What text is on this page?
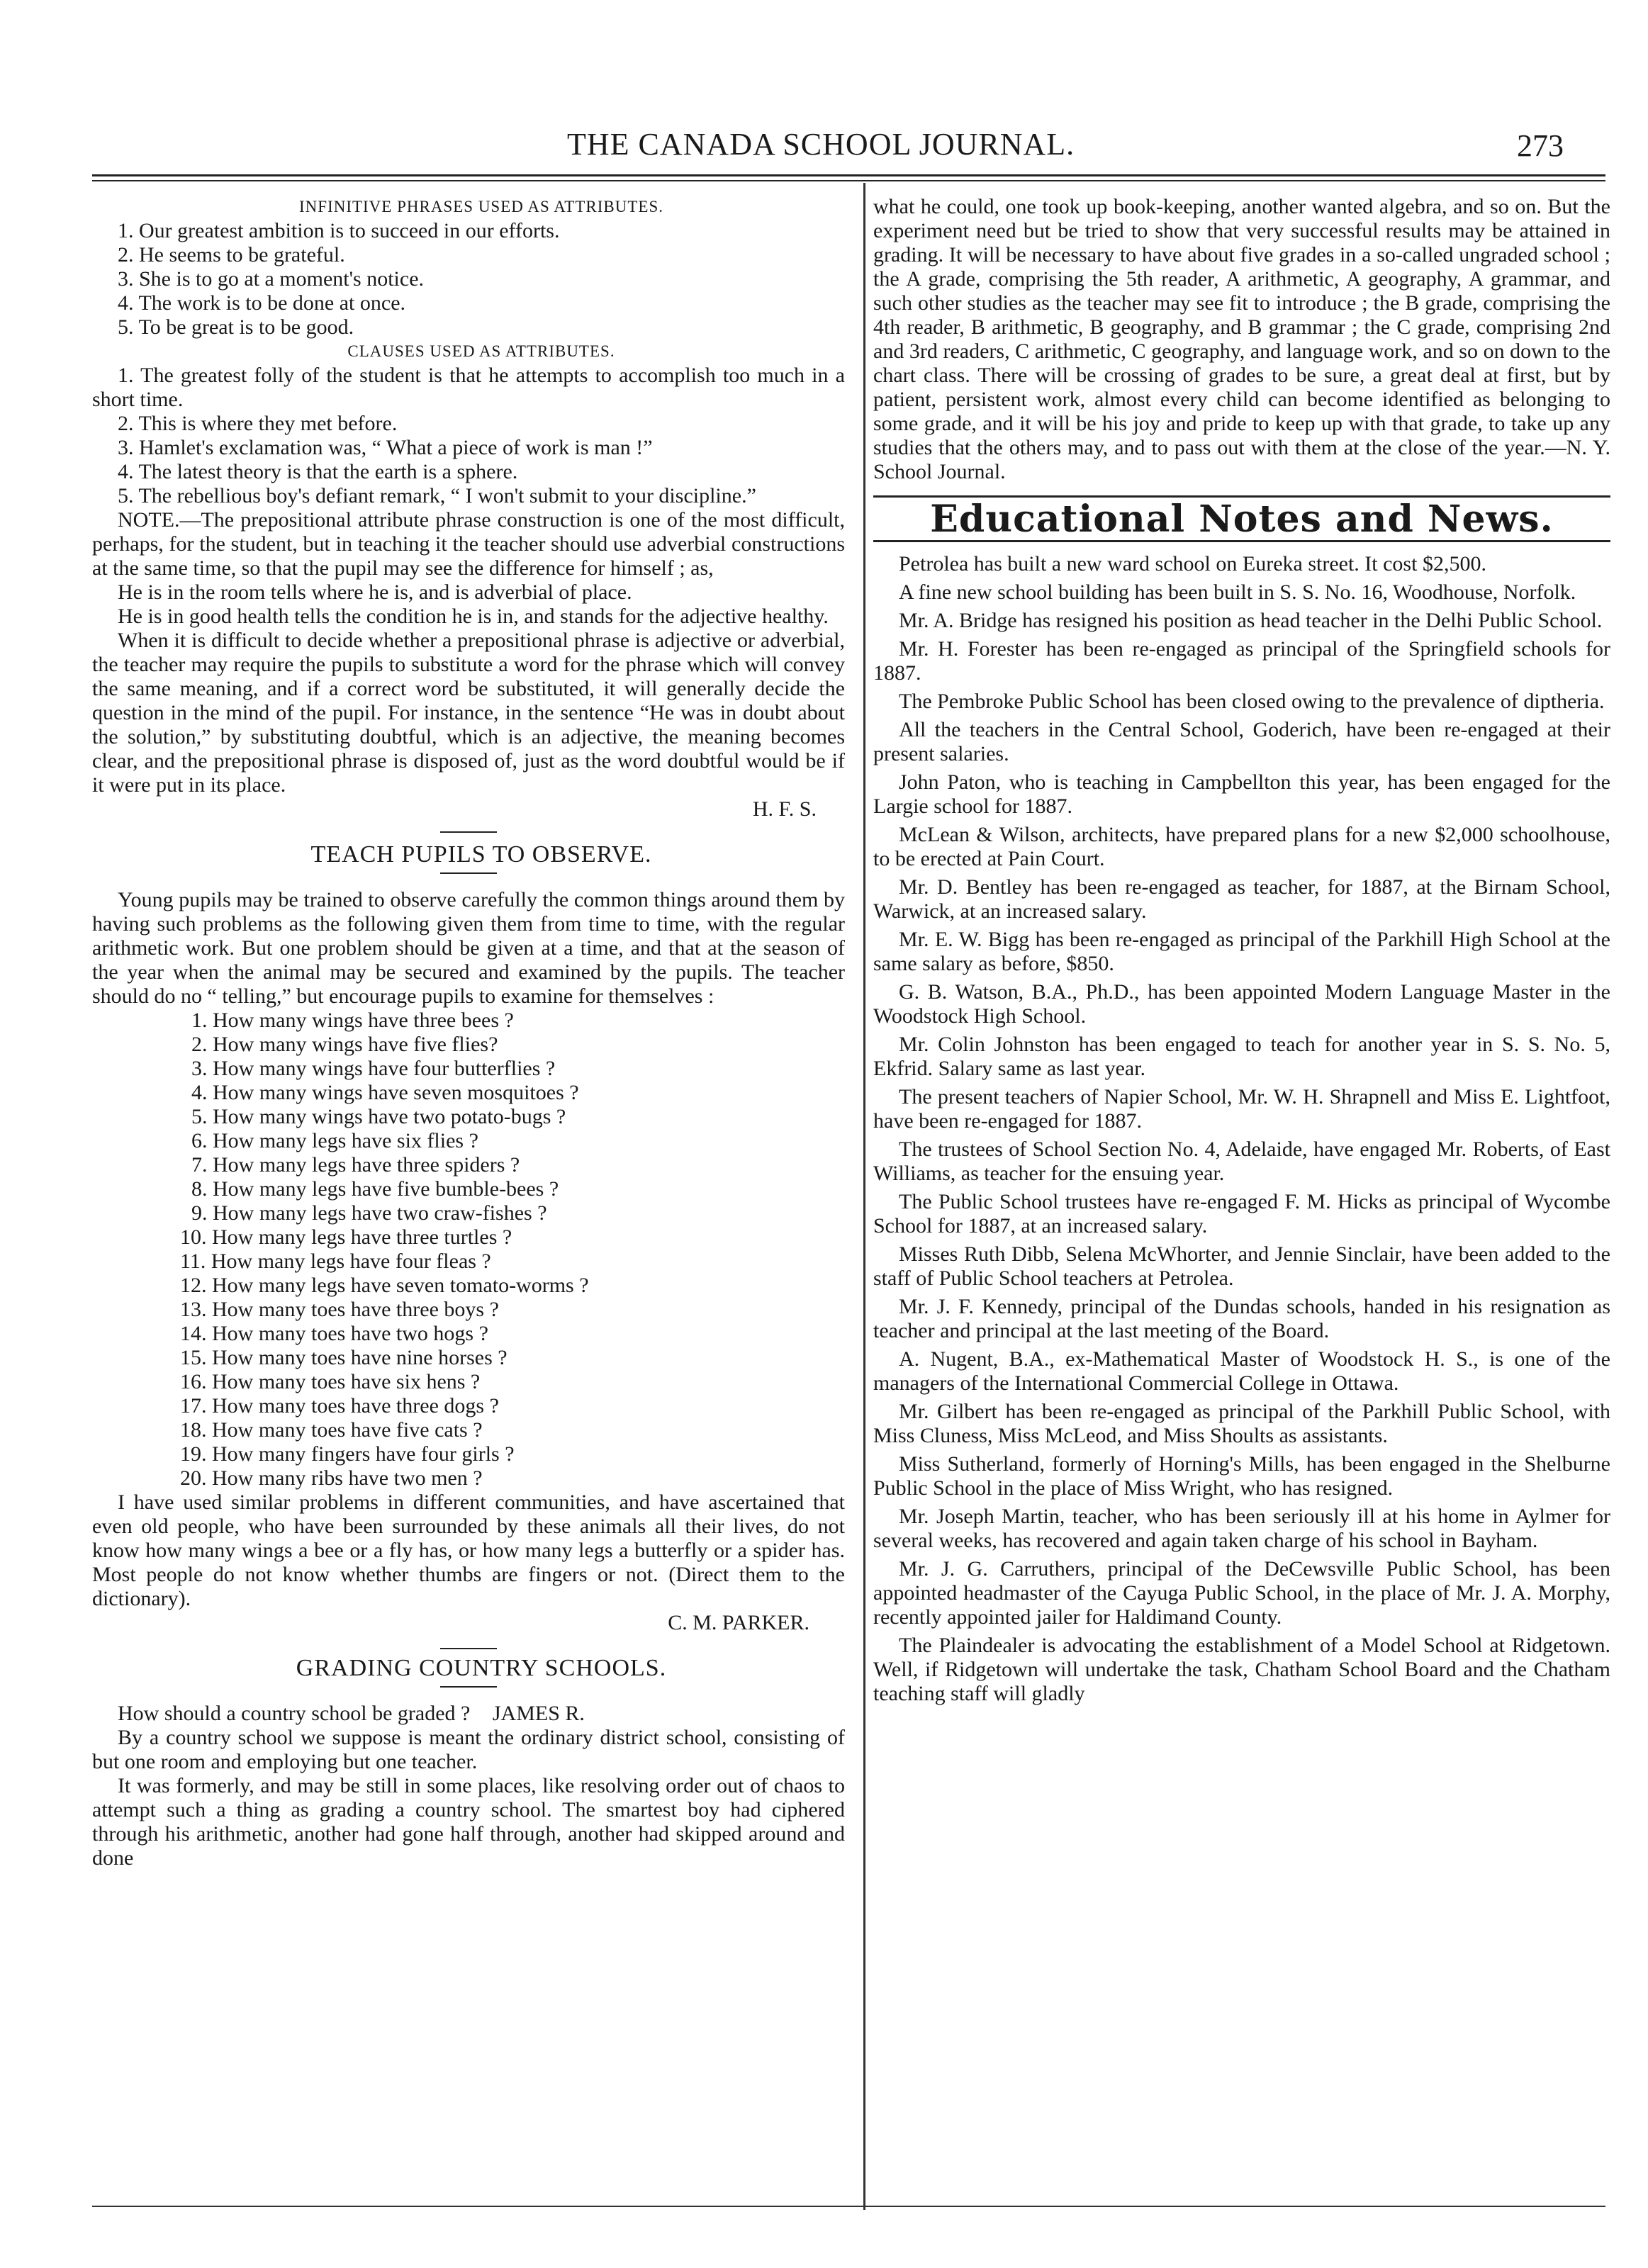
THE CANADA SCHOOL JOURNAL.	273

INFINITIVE PHRASES USED AS ATTRIBUTES.

1. Our greatest ambition is to succeed in our efforts.

2. He seems to be grateful.

3. She is to go at a moment's notice.

4. The work is to be done at once.

5. To be great is to be good.

CLAUSES USED AS ATTRIBUTES.

1. The greatest folly of the student is that he attempts to accomplish too much in a short time.

2. This is where they met before.

3. Hamlet's exclamation was, “ What a piece of work is man !”

4. The latest theory is that the earth is a sphere.

5. The rebellious boy's defiant remark, “ I won't submit to your discipline.”

NOTE.—The prepositional attribute phrase construction is one of the most difficult, perhaps, for the student, but in teaching it the teacher should use adverbial constructions at the same time, so that the pupil may see the difference for himself ; as,

He is in the room tells where he is, and is adverbial of place.

He is in good health tells the condition he is in, and stands for the adjective healthy.

When it is difficult to decide whether a prepositional phrase is adjective or adverbial, the teacher may require the pupils to substitute a word for the phrase which will convey the same meaning, and if a correct word be substituted, it will generally decide the question in the mind of the pupil. For instance, in the sentence “He was in doubt about the solution,” by substituting doubtful, which is an adjective, the meaning becomes clear, and the prepositional phrase is disposed of, just as the word doubtful would be if it were put in its place.

H. F. S.

TEACH PUPILS TO OBSERVE.

Young pupils may be trained to observe carefully the common things around them by having such problems as the following given them from time to time, with the regular arithmetic work. But one problem should be given at a time, and that at the season of the year when the animal may be secured and examined by the pupils. The teacher should do no “ telling,” but encourage pupils to examine for themselves :

1. How many wings have three bees ?

2. How many wings have five flies?

3. How many wings have four butterflies ?

4. How many wings have seven mosquitoes ?

5. How many wings have two potato-bugs ?

6. How many legs have six flies ?

7. How many legs have three spiders ?

8. How many legs have five bumble-bees ?

9. How many legs have two craw-fishes ?

10. How many legs have three turtles ?

11. How many legs have four fleas ?

12. How many legs have seven tomato-worms ?

13. How many toes have three boys ?

14. How many toes have two hogs ?

15. How many toes have nine horses ?

16. How many toes have six hens ?

17. How many toes have three dogs ?

18. How many toes have five cats ?

19. How many fingers have four girls ?

20. How many ribs have two men ?

I have used similar problems in different communities, and have ascertained that even old people, who have been surrounded by these animals all their lives, do not know how many wings a bee or a fly has, or how many legs a butterfly or a spider has. Most people do not know whether thumbs are fingers or not. (Direct them to the dictionary).

C. M. PARKER.

GRADING COUNTRY SCHOOLS.

How should a country school be graded ? JAMES R.

By a country school we suppose is meant the ordinary district school, consisting of but one room and employing but one teacher.

It was formerly, and may be still in some places, like resolving order out of chaos to attempt such a thing as grading a country school. The smartest boy had ciphered through his arithmetic, another had gone half through, another had skipped around and done

what he could, one took up book-keeping, another wanted algebra, and so on. But the experiment need but be tried to show that very successful results may be attained in grading. It will be necessary to have about five grades in a so-called ungraded school ; the A grade, comprising the 5th reader, A arithmetic, A geography, A grammar, and such other studies as the teacher may see fit to introduce ; the B grade, comprising the 4th reader, B arithmetic, B geography, and B grammar ; the C grade, comprising 2nd and 3rd readers, C arithmetic, C geography, and language work, and so on down to the chart class. There will be crossing of grades to be sure, a great deal at first, but by patient, persistent work, almost every child can become identified as belonging to some grade, and it will be his joy and pride to keep up with that grade, to take up any studies that the others may, and to pass out with them at the close of the year.—N. Y. School Journal.

Educational Notes and News.

Petrolea has built a new ward school on Eureka street. It cost $2,500.

A fine new school building has been built in S. S. No. 16, Woodhouse, Norfolk.

Mr. A. Bridge has resigned his position as head teacher in the Delhi Public School.

Mr. H. Forester has been re-engaged as principal of the Springfield schools for 1887.

The Pembroke Public School has been closed owing to the prevalence of diptheria.

All the teachers in the Central School, Goderich, have been re-engaged at their present salaries.

John Paton, who is teaching in Campbellton this year, has been engaged for the Largie school for 1887.

McLean & Wilson, architects, have prepared plans for a new $2,000 schoolhouse, to be erected at Pain Court.

Mr. D. Bentley has been re-engaged as teacher, for 1887, at the Birnam School, Warwick, at an increased salary.

Mr. E. W. Bigg has been re-engaged as principal of the Parkhill High School at the same salary as before, $850.

G. B. Watson, B.A., Ph.D., has been appointed Modern Language Master in the Woodstock High School.

Mr. Colin Johnston has been engaged to teach for another year in S. S. No. 5, Ekfrid. Salary same as last year.

The present teachers of Napier School, Mr. W. H. Shrapnell and Miss E. Lightfoot, have been re-engaged for 1887.

The trustees of School Section No. 4, Adelaide, have engaged Mr. Roberts, of East Williams, as teacher for the ensuing year.

The Public School trustees have re-engaged F. M. Hicks as principal of Wycombe School for 1887, at an increased salary.

Misses Ruth Dibb, Selena McWhorter, and Jennie Sinclair, have been added to the staff of Public School teachers at Petrolea.

Mr. J. F. Kennedy, principal of the Dundas schools, handed in his resignation as teacher and principal at the last meeting of the Board.

A. Nugent, B.A., ex-Mathematical Master of Woodstock H. S., is one of the managers of the International Commercial College in Ottawa.

Mr. Gilbert has been re-engaged as principal of the Parkhill Public School, with Miss Cluness, Miss McLeod, and Miss Shoults as assistants.

Miss Sutherland, formerly of Horning's Mills, has been engaged in the Shelburne Public School in the place of Miss Wright, who has resigned.

Mr. Joseph Martin, teacher, who has been seriously ill at his home in Aylmer for several weeks, has recovered and again taken charge of his school in Bayham.

Mr. J. G. Carruthers, principal of the DeCewsville Public School, has been appointed headmaster of the Cayuga Public School, in the place of Mr. J. A. Morphy, recently appointed jailer for Haldimand County.

The Plaindealer is advocating the establishment of a Model School at Ridgetown. Well, if Ridgetown will undertake the task, Chatham School Board and the Chatham teaching staff will gladly
